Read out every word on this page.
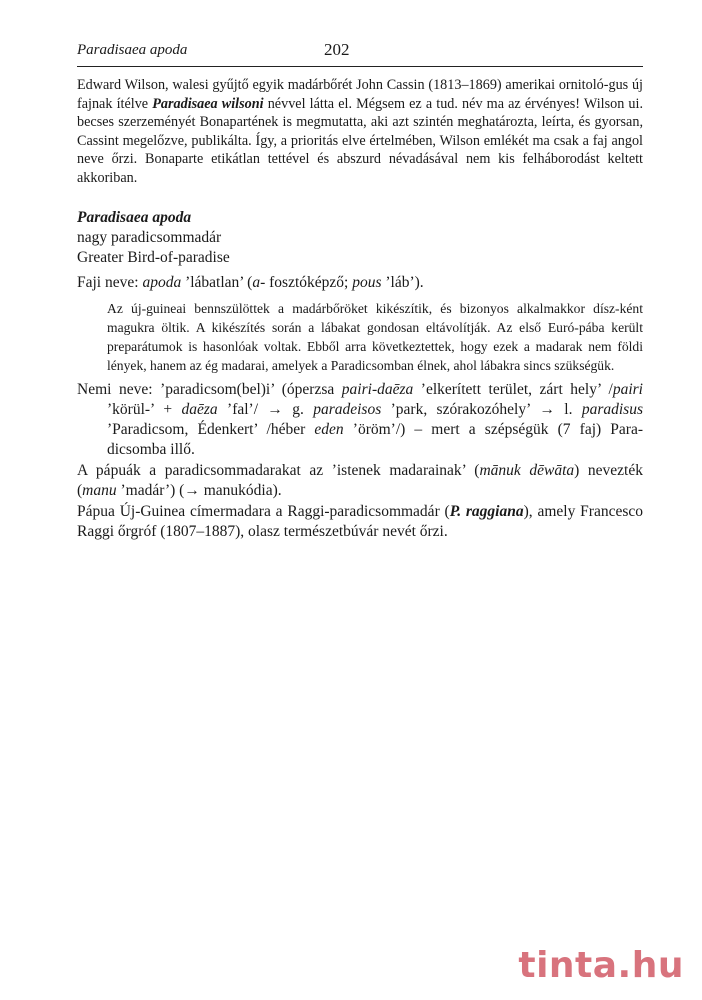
Paradisaea apoda	202

Edward Wilson, walesi gyűjtő egyik madárbőrét John Cassin (1813–1869) amerikai ornitoló-gus új fajnak ítélve Paradisaea wilsoni névvel látta el. Mégsem ez a tud. név ma az érvényes! Wilson ui. becses szerzeményét Bonapartének is megmutatta, aki azt szintén meghatározta, leírta, és gyorsan, Cassint megelőzve, publikálta. Így, a prioritás elve értelmében, Wilson emlékét ma csak a faj angol neve őrzi. Bonaparte etikátlan tettével és abszurd névadásával nem kis felháborodást keltett akkoriban.

Paradisaea apoda
nagy paradicsommadár
Greater Bird-of-paradise
Faji neve: apoda ’lábatlan’ (a- fosztóképző; pous ’láb’).

Az új-guineai bennszülöttek a madárbőröket kikészítik, és bizonyos alkalmakkor dísz-ként magukra öltik. A kikészítés során a lábakat gondosan eltávolítják. Az első Euró-pába került preparátumok is hasonlóak voltak. Ebből arra következtettek, hogy ezek a madarak nem földi lények, hanem az ég madarai, amelyek a Paradicsomban élnek, ahol lábakra sincs szükségük.

Nemi neve: ’paradicsom(bel)i’ (óperzsa pairi-daēza ’elkerített terület, zárt hely’ /pairi ’körül-’ + daēza ’fal’/ → g. paradeisos ’park, szórakozóhely’ → l. paradisus ’Paradicsom, Édenkert’ /héber eden ’öröm’/) – mert a szépségük (7 faj) Para-dicsomba illő.
A pápuák a paradicsommadarakat az ’istenek madarainak’ (mānuk dēwāta) nevezték (manu ’madár’) (→ manukódia).
Pápua Új-Guinea címermadara a Raggi-paradicsommadár (P. raggiana), amely Francesco Raggi őrgróf (1807–1887), olasz természetbúvár nevét őrzi.
tinta.hu
